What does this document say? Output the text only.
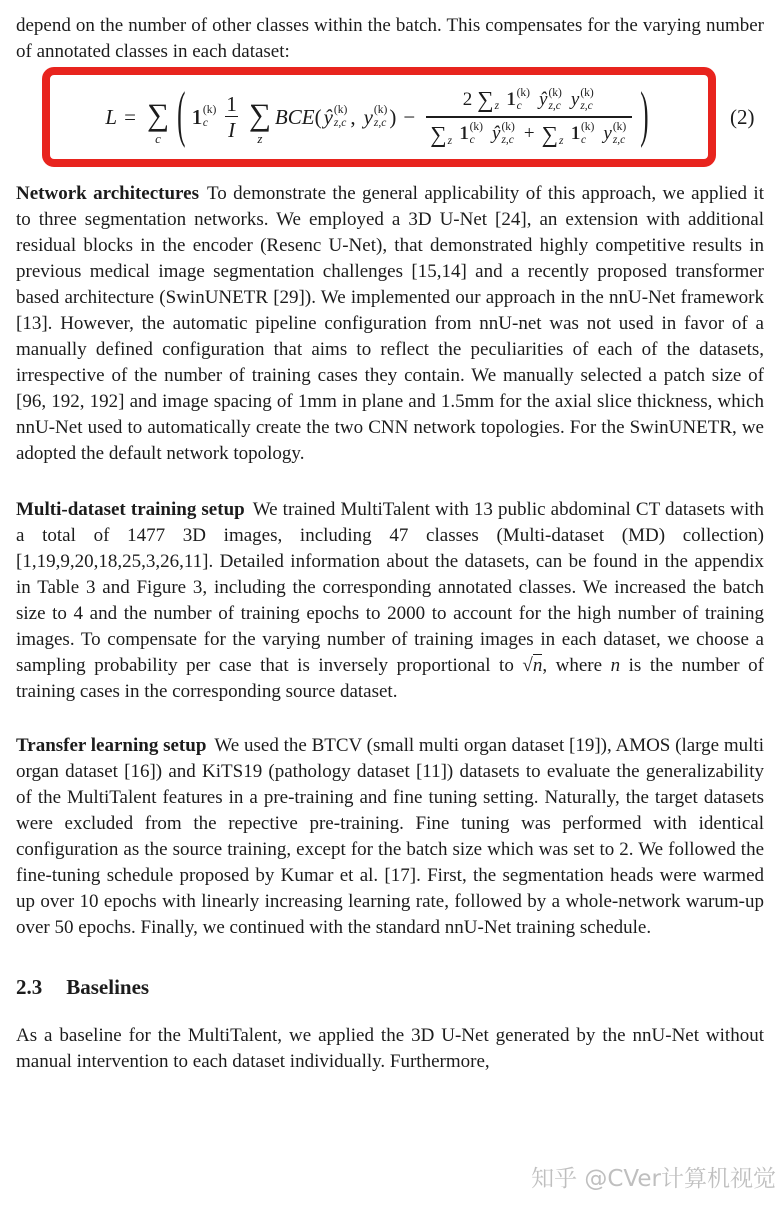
depend on the number of other classes within the batch. This compensates for the varying number of annotated classes in each dataset:

L = ∑
c ( 1 (k)
c $\frac{1}{I}$ ∑
z
BCE ( ŷ (k)
z,c , y (k)
z,c ) −
2 ∑ z 1 (k)
c ŷ (k)
z,c y (k)
z,c
∑ z 1 (k)
c ŷ (k)
z,c + ∑ z 1 (k)
c y (k)
z,c )	(2)

Network architectures To demonstrate the general applicability of this approach, we applied it to three segmentation networks. We employed a 3D U-Net [24], an extension with additional residual blocks in the encoder (Resenc U-Net), that demonstrated highly competitive results in previous medical image segmentation challenges [15,14] and a recently proposed transformer based architecture (SwinUNETR [29]). We implemented our approach in the nnU-Net framework [13]. However, the automatic pipeline configuration from nnU-net was not used in favor of a manually defined configuration that aims to reflect the peculiarities of each of the datasets, irrespective of the number of training cases they contain. We manually selected a patch size of [96, 192, 192] and image spacing of 1mm in plane and 1.5mm for the axial slice thickness, which nnU-Net used to automatically create the two CNN network topologies. For the SwinUNETR, we adopted the default network topology.

Multi-dataset training setup We trained MultiTalent with 13 public abdominal CT datasets with a total of 1477 3D images, including 47 classes (Multi-dataset (MD) collection) [1,19,9,20,18,25,3,26,11]. Detailed information about the datasets, can be found in the appendix in Table 3 and Figure 3, including the corresponding annotated classes. We increased the batch size to 4 and the number of training epochs to 2000 to account for the high number of training images. To compensate for the varying number of training images in each dataset, we choose a sampling probability per case that is inversely proportional to √n, where n is the number of training cases in the corresponding source dataset.

Transfer learning setup We used the BTCV (small multi organ dataset [19]), AMOS (large multi organ dataset [16]) and KiTS19 (pathology dataset [11]) datasets to evaluate the generalizability of the MultiTalent features in a pre-training and fine tuning setting. Naturally, the target datasets were excluded from the repective pre-training. Fine tuning was performed with identical configuration as the source training, except for the batch size which was set to 2. We followed the fine-tuning schedule proposed by Kumar et al. [17]. First, the segmentation heads were warmed up over 10 epochs with linearly increasing learning rate, followed by a whole-network warum-up over 50 epochs. Finally, we continued with the standard nnU-Net training schedule.

2.3 Baselines

As a baseline for the MultiTalent, we applied the 3D U-Net generated by the nnU-Net without manual intervention to each dataset individually. Furthermore,

知乎 @CVer计算机视觉
